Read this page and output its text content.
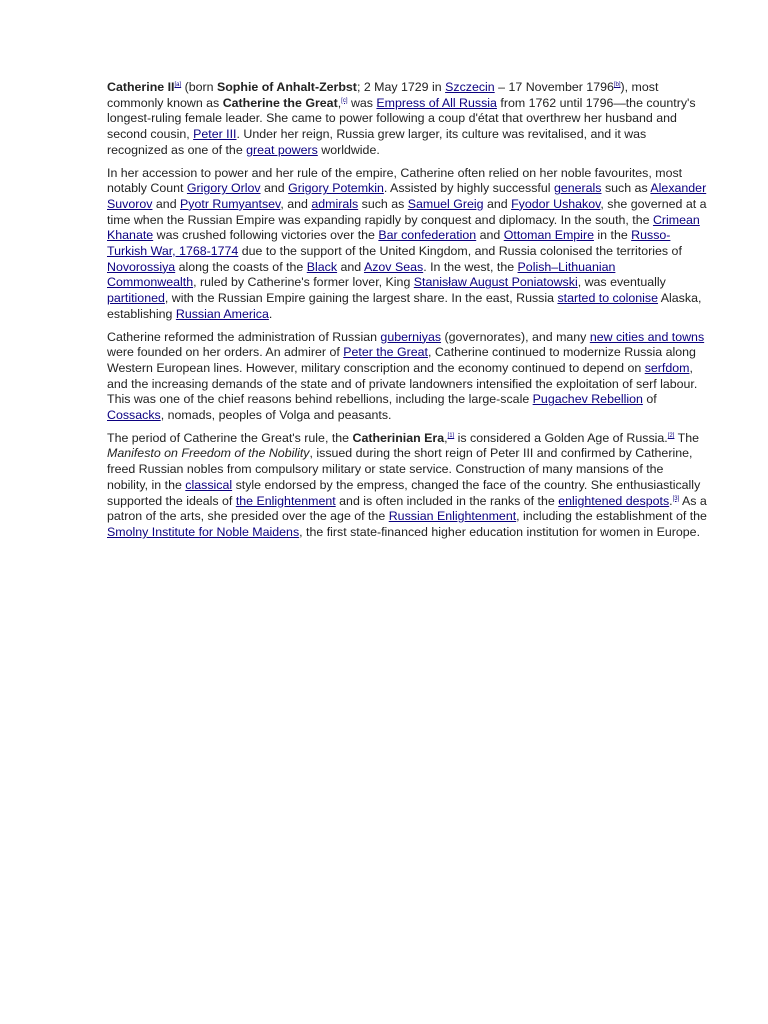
Catherine II[a] (born Sophie of Anhalt-Zerbst; 2 May 1729 in Szczecin – 17 November 1796[b]), most commonly known as Catherine the Great,[c] was Empress of All Russia from 1762 until 1796—the country's longest-ruling female leader. She came to power following a coup d'état that overthrew her husband and second cousin, Peter III. Under her reign, Russia grew larger, its culture was revitalised, and it was recognized as one of the great powers worldwide.

In her accession to power and her rule of the empire, Catherine often relied on her noble favourites, most notably Count Grigory Orlov and Grigory Potemkin. Assisted by highly successful generals such as Alexander Suvorov and Pyotr Rumyantsev, and admirals such as Samuel Greig and Fyodor Ushakov, she governed at a time when the Russian Empire was expanding rapidly by conquest and diplomacy. In the south, the Crimean Khanate was crushed following victories over the Bar confederation and Ottoman Empire in the Russo-Turkish War, 1768-1774 due to the support of the United Kingdom, and Russia colonised the territories of Novorossiya along the coasts of the Black and Azov Seas. In the west, the Polish–Lithuanian Commonwealth, ruled by Catherine's former lover, King Stanisław August Poniatowski, was eventually partitioned, with the Russian Empire gaining the largest share. In the east, Russia started to colonise Alaska, establishing Russian America.

Catherine reformed the administration of Russian guberniyas (governorates), and many new cities and towns were founded on her orders. An admirer of Peter the Great, Catherine continued to modernize Russia along Western European lines. However, military conscription and the economy continued to depend on serfdom, and the increasing demands of the state and of private landowners intensified the exploitation of serf labour. This was one of the chief reasons behind rebellions, including the large-scale Pugachev Rebellion of Cossacks, nomads, peoples of Volga and peasants.

The period of Catherine the Great's rule, the Catherinian Era,[1] is considered a Golden Age of Russia.[2] The Manifesto on Freedom of the Nobility, issued during the short reign of Peter III and confirmed by Catherine, freed Russian nobles from compulsory military or state service. Construction of many mansions of the nobility, in the classical style endorsed by the empress, changed the face of the country. She enthusiastically supported the ideals of the Enlightenment and is often included in the ranks of the enlightened despots.[3] As a patron of the arts, she presided over the age of the Russian Enlightenment, including the establishment of the Smolny Institute for Noble Maidens, the first state-financed higher education institution for women in Europe.
